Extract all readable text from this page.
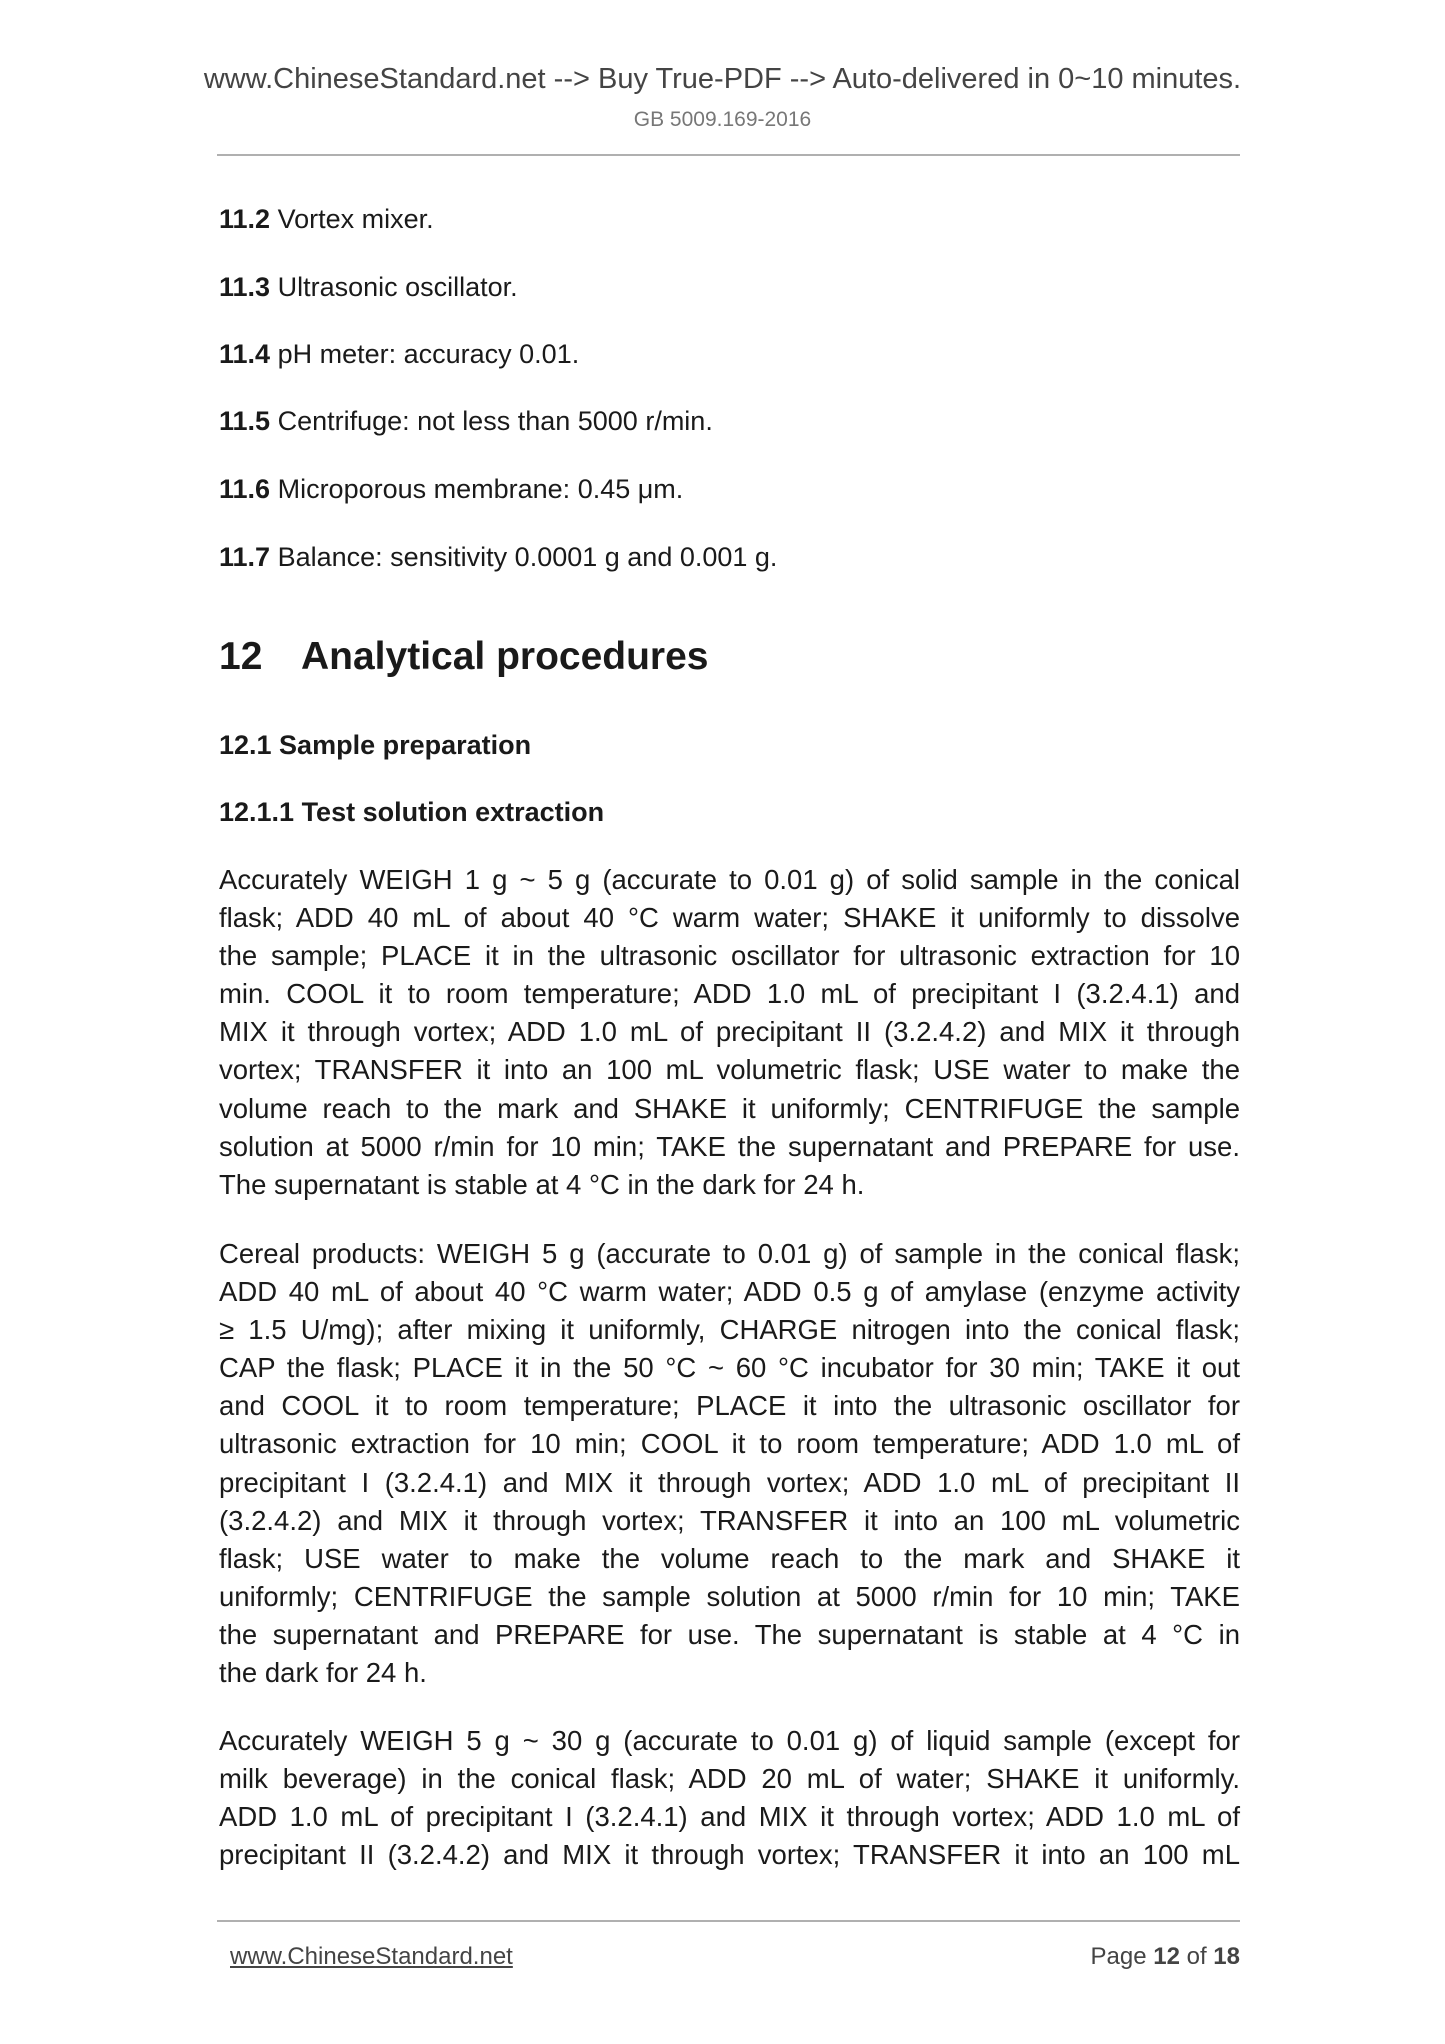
www.ChineseStandard.net --> Buy True-PDF --> Auto-delivered in 0~10 minutes.
GB 5009.169-2016
11.2 Vortex mixer.
11.3 Ultrasonic oscillator.
11.4 pH meter: accuracy 0.01.
11.5 Centrifuge: not less than 5000 r/min.
11.6 Microporous membrane: 0.45 μm.
11.7 Balance: sensitivity 0.0001 g and 0.001 g.
12 Analytical procedures
12.1 Sample preparation
12.1.1 Test solution extraction
Accurately WEIGH 1 g ~ 5 g (accurate to 0.01 g) of solid sample in the conical
flask; ADD 40 mL of about 40 °C warm water; SHAKE it uniformly to dissolve
the sample; PLACE it in the ultrasonic oscillator for ultrasonic extraction for 10
min. COOL it to room temperature; ADD 1.0 mL of precipitant I (3.2.4.1) and
MIX it through vortex; ADD 1.0 mL of precipitant II (3.2.4.2) and MIX it through
vortex; TRANSFER it into an 100 mL volumetric flask; USE water to make the
volume reach to the mark and SHAKE it uniformly; CENTRIFUGE the sample
solution at 5000 r/min for 10 min; TAKE the supernatant and PREPARE for use.
The supernatant is stable at 4 °C in the dark for 24 h.
Cereal products: WEIGH 5 g (accurate to 0.01 g) of sample in the conical flask;
ADD 40 mL of about 40 °C warm water; ADD 0.5 g of amylase (enzyme activity
≥ 1.5 U/mg); after mixing it uniformly, CHARGE nitrogen into the conical flask;
CAP the flask; PLACE it in the 50 °C ~ 60 °C incubator for 30 min; TAKE it out
and COOL it to room temperature; PLACE it into the ultrasonic oscillator for
ultrasonic extraction for 10 min; COOL it to room temperature; ADD 1.0 mL of
precipitant I (3.2.4.1) and MIX it through vortex; ADD 1.0 mL of precipitant II
(3.2.4.2) and MIX it through vortex; TRANSFER it into an 100 mL volumetric
flask; USE water to make the volume reach to the mark and SHAKE it
uniformly; CENTRIFUGE the sample solution at 5000 r/min for 10 min; TAKE
the supernatant and PREPARE for use. The supernatant is stable at 4 °C in
the dark for 24 h.
Accurately WEIGH 5 g ~ 30 g (accurate to 0.01 g) of liquid sample (except for
milk beverage) in the conical flask; ADD 20 mL of water; SHAKE it uniformly.
ADD 1.0 mL of precipitant I (3.2.4.1) and MIX it through vortex; ADD 1.0 mL of
precipitant II (3.2.4.2) and MIX it through vortex; TRANSFER it into an 100 mL
www.ChineseStandard.net	Page 12 of 18
